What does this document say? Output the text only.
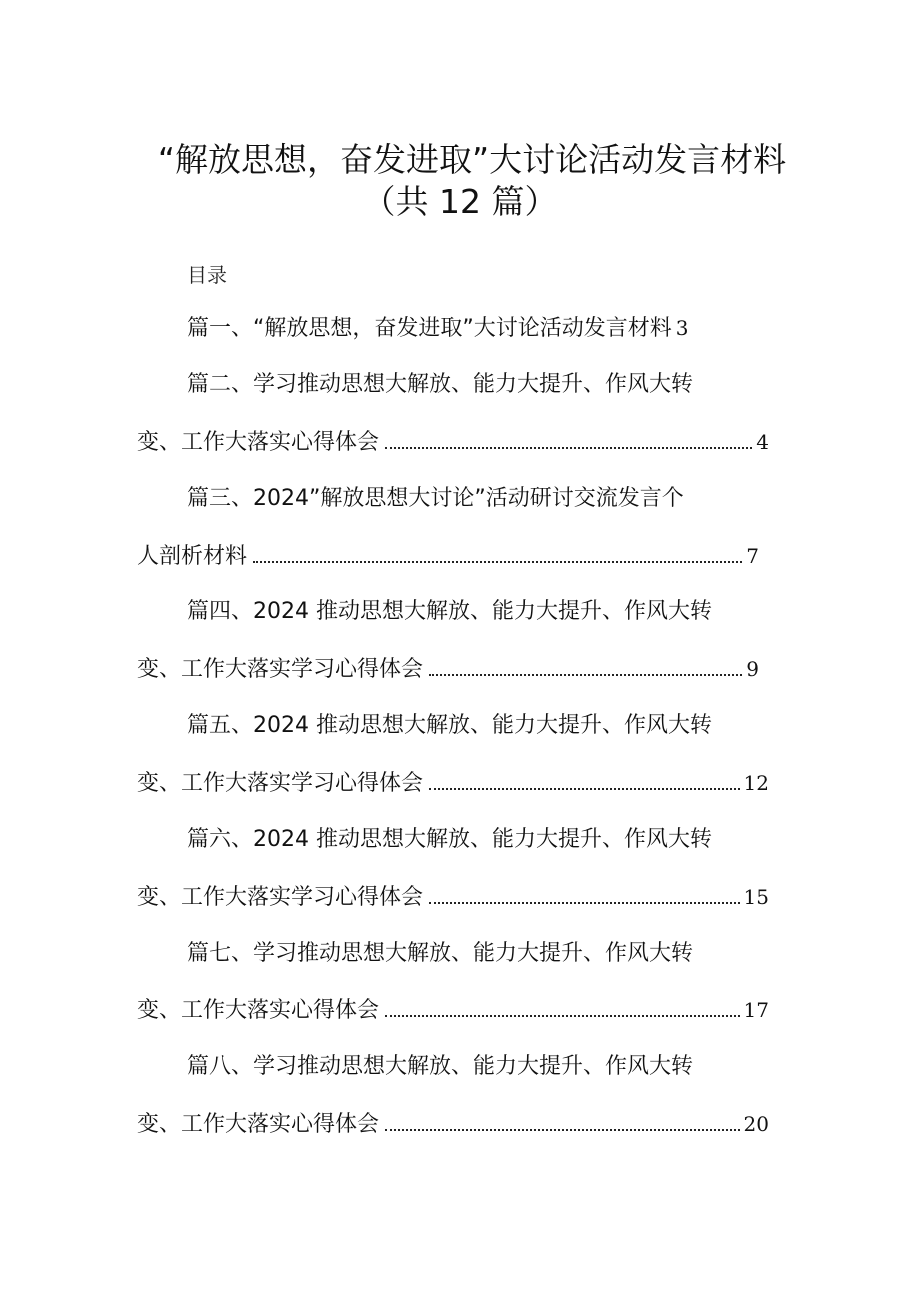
“解放思想，奋发进取”大讨论活动发言材料
（共 12 篇）
目录
篇一、“解放思想，奋发进取”大讨论活动发言材料 3
篇二、学习推动思想大解放、能力大提升、作风大转
变、工作大落实心得体会	4
篇三、2024”解放思想大讨论”活动研讨交流发言个
人剖析材料	7
篇四、2024 推动思想大解放、能力大提升、作风大转
变、工作大落实学习心得体会	9
篇五、2024 推动思想大解放、能力大提升、作风大转
变、工作大落实学习心得体会	12
篇六、2024 推动思想大解放、能力大提升、作风大转
变、工作大落实学习心得体会	15
篇七、学习推动思想大解放、能力大提升、作风大转
变、工作大落实心得体会	17
篇八、学习推动思想大解放、能力大提升、作风大转
变、工作大落实心得体会	20
